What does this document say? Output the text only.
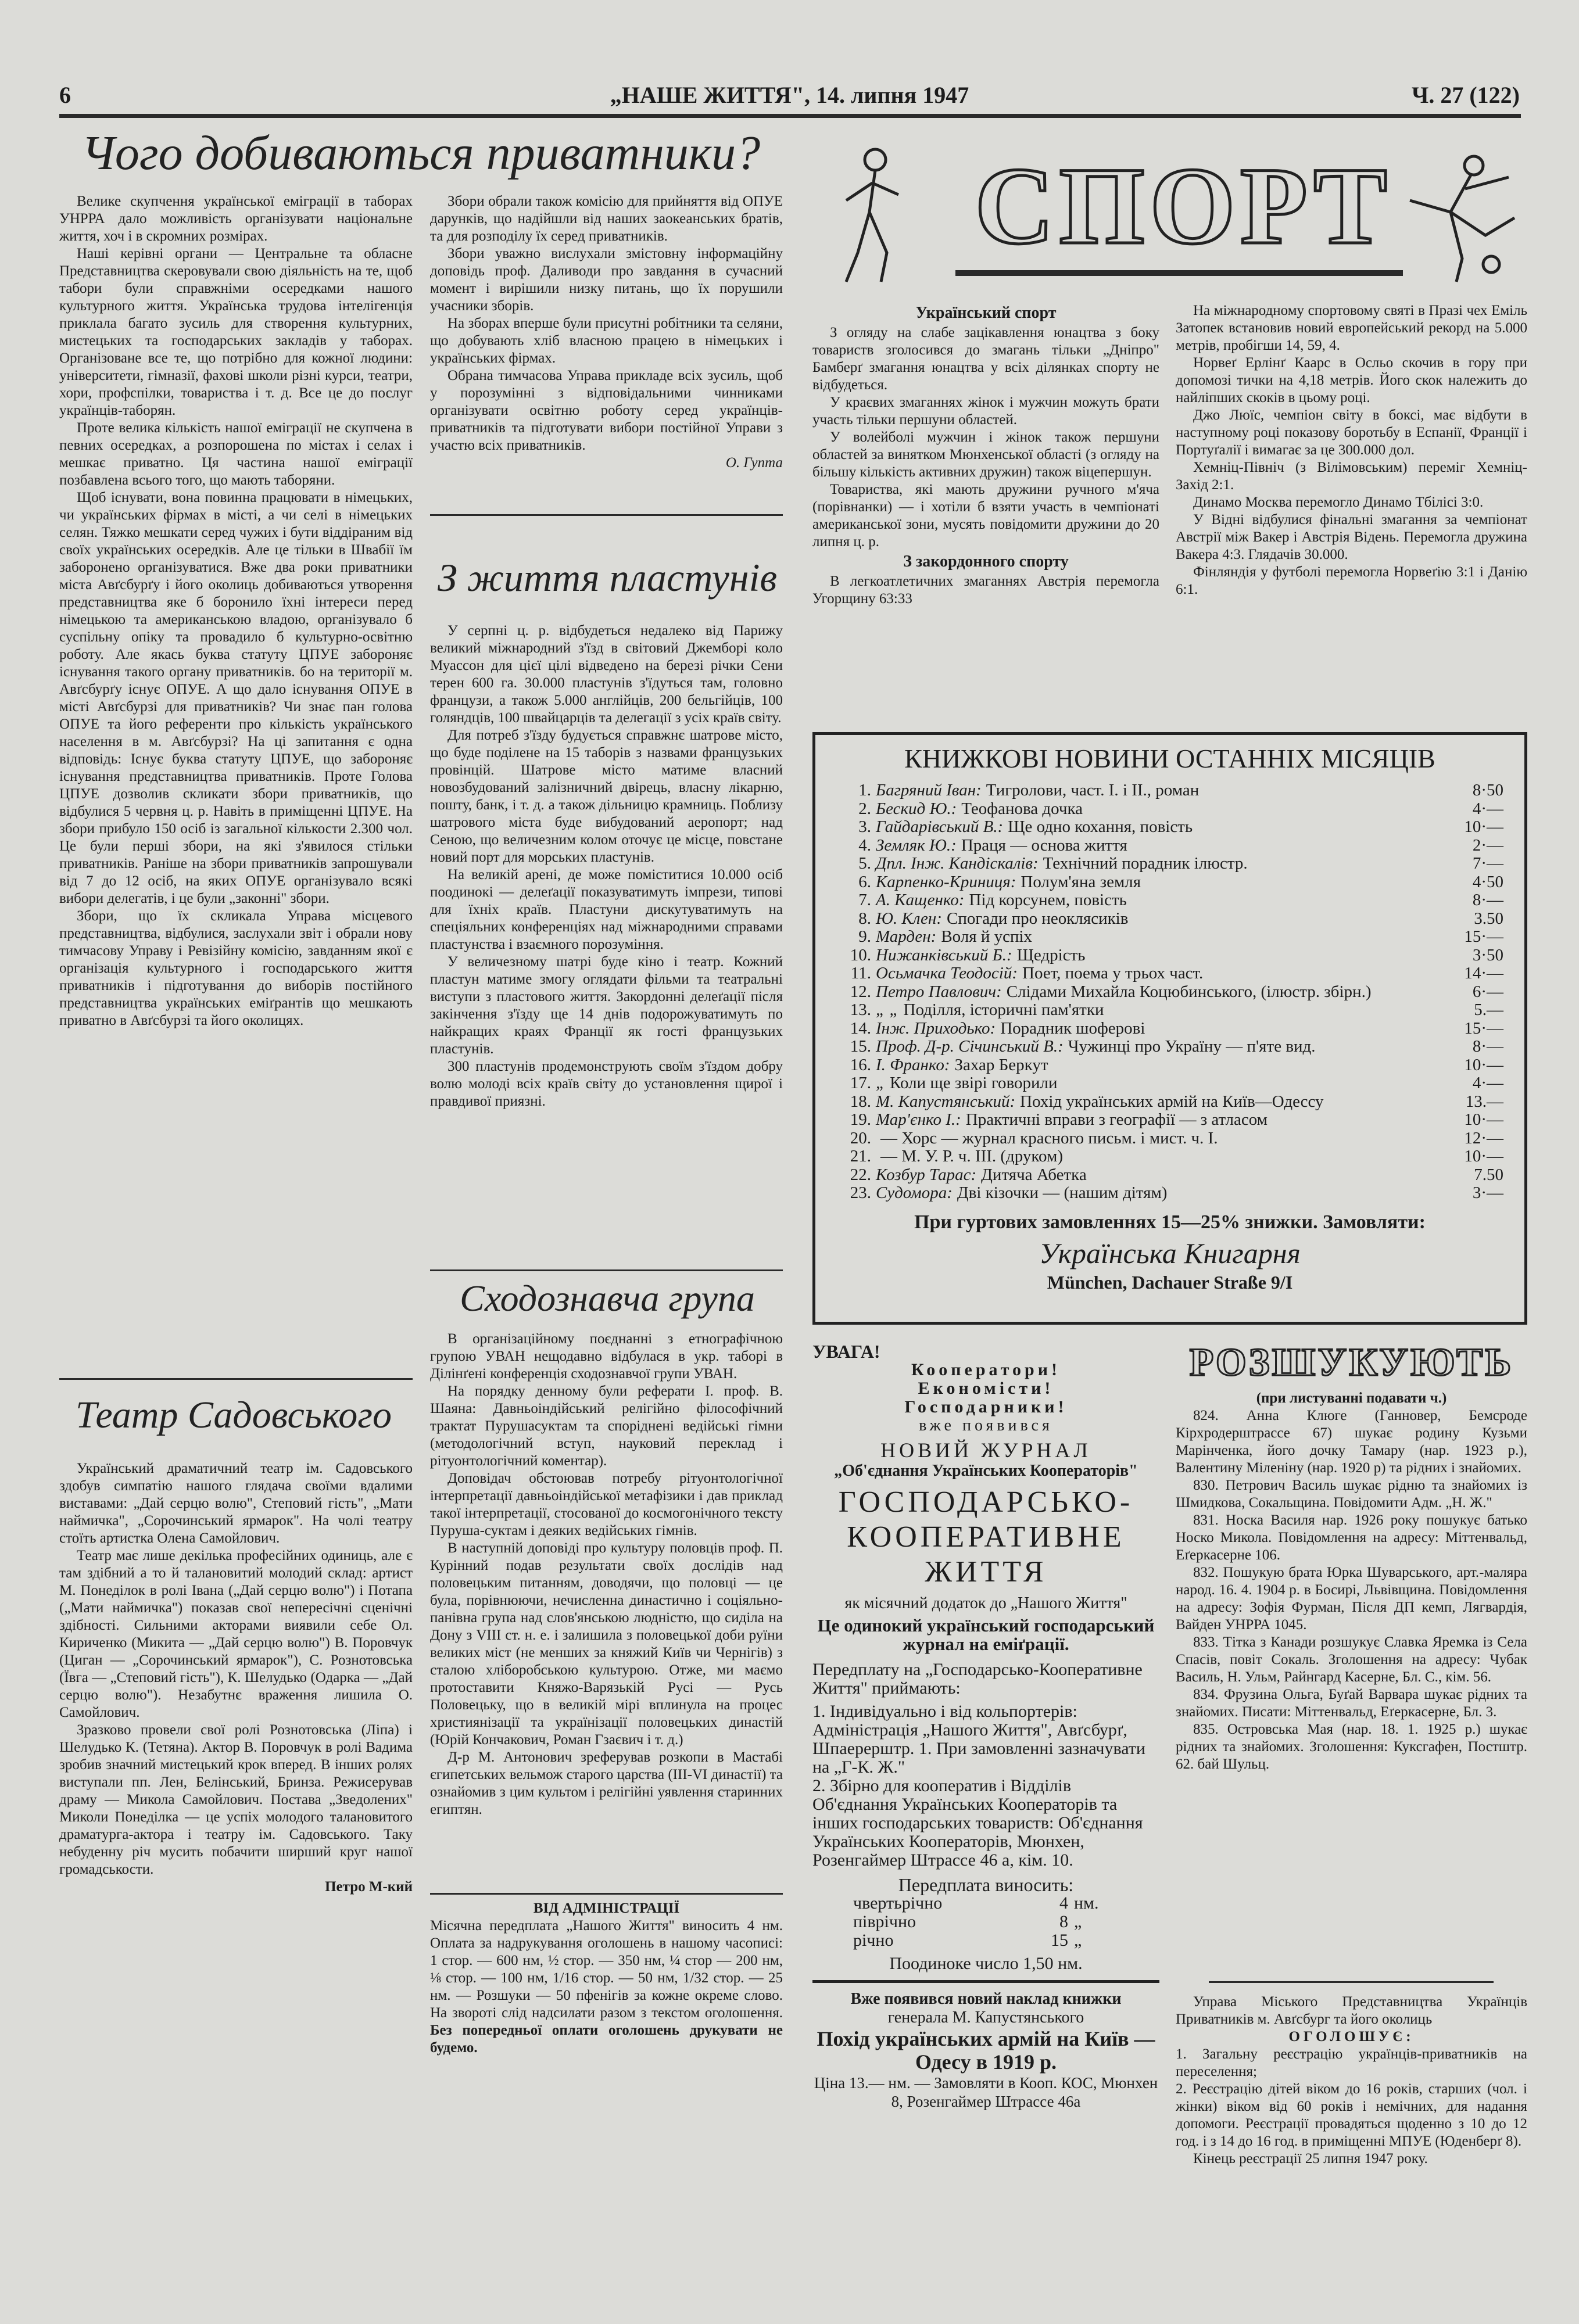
6	„НАШЕ ЖИТТЯ", 14. липня 1947	Ч. 27 (122)
Чого добиваються приватники?

Велике скупчення української еміграції в таборах УНРРА дало можливість організувати національне життя, хоч і в скромних розмірах.

Наші керівні органи — Центральне та обласне Представництва скеровували свою діяльність на те, щоб табори були справжніми осередками нашого культурного життя. Українська трудова інтелігенція приклала багато зусиль для створення культурних, мистецьких та господарських закладів у таборах. Організоване все те, що потрібно для кожної людини: університети, гімназії, фахові школи різні курси, театри, хори, профспілки, товариства і т. д. Все це до послуг українців-таборян.

Проте велика кількість нашої еміграції не скупчена в певних осередках, а розпорошена по містах і селах і мешкає приватно. Ця частина нашої еміграції позбавлена всього того, що мають таборяни.

Щоб існувати, вона повинна працювати в німецьких, чи українських фірмах в місті, а чи селі в німецьких селян. Тяжко мешкати серед чужих і бути віддіраним від своїх українських осередків. Але це тільки в Швабії їм заборонено організуватися. Вже два роки приватники міста Авґсбурґу і його околиць добиваються утворення представництва яке б боронило їхні інтереси перед німецькою та американською владою, організувало б суспільну опіку та провадило б культурно-освітню роботу. Але якась буква статуту ЦПУЕ забороняє існування такого органу приватників. бо на території м. Авґсбурґу існує ОПУЕ. А що дало існування ОПУЕ в місті Авґсбурзі для приватників? Чи знає пан голова ОПУЕ та його референти про кількість українського населення в м. Авґсбурзі? На ці запитання є одна відповідь: Існує буква статуту ЦПУЕ, що забороняє існування представництва приватників. Проте Голова ЦПУЕ дозволив скликати збори приватників, що відбулися 5 червня ц. р. Навіть в приміщенні ЦПУЕ. На збори прибуло 150 осіб із загальної кількости 2.300 чол. Це були перші збори, на які з'явилося стільки приватників. Раніше на збори приватників запрошували від 7 до 12 осіб, на яких ОПУЕ організувало всякі вибори делегатів, і це були „законні" збори.

Збори, що їх скликала Управа місцевого представництва, відбулися, заслухали звіт і обрали нову тимчасову Управу і Ревізійну комісію, завданням якої є організація культурного і господарського життя приватників і підготування до виборів постійного представництва українських еміґрантів що мешкають приватно в Авґсбурзі та його околицях.

Збори обрали також комісію для прийняття від ОПУЕ дарунків, що надійшли від наших заокеанських братів, та для розподілу їх серед приватників.

Збори уважно вислухали змістовну інформаційну доповідь проф. Даливоди про завдання в сучасний момент і вирішили низку питань, що їх порушили учасники зборів.

На зборах вперше були присутні робітники та селяни, що добувають хліб власною працею в німецьких і українських фірмах.

Обрана тимчасова Управа прикладе всіх зусиль, щоб у порозумінні з відповідальними чинниками організувати освітню роботу серед українців-приватників та підготувати вибори постійної Управи з участю всіх приватників.

О. Гупта

З життя пластунів

У серпні ц. р. відбудеться недалеко від Парижу великий міжнародний з'їзд в світовий Джемборі коло Муассон для цієї цілі відведено на березі річки Сени терен 600 га. 30.000 пластунів з'їдуться там, головно французи, а також 5.000 англійців, 200 бельгійців, 100 голяндців, 100 швайцарців та делегації з усіх країв світу.

Для потреб з'їзду будується справжнє шатрове місто, що буде поділене на 15 таборів з назвами французьких провінцій. Шатрове місто матиме власний новозбудований залізничний двірець, власну лікарню, пошту, банк, і т. д. а також дільницю крамниць. Поблизу шатрового міста буде вибудований аеропорт; над Сеною, що величезним колом оточує це місце, повстане новий порт для морських пластунів.

На великій арені, де може поміститися 10.000 осіб поодинокі — делеґації показуватимуть імпрези, типові для їхніх країв. Пластуни дискутуватимуть на спеціяльних конференціях над міжнародними справами пластунства і взаємного порозуміння.

У величезному шатрі буде кіно і театр. Кожний пластун матиме змогу оглядати фільми та театральні виступи з пластового життя. Закордонні делеґації після закінчення з'їзду ще 14 днів подорожуватимуть по найкращих краях Франції як гості французьких пластунів.

300 пластунів продемонструють своїм з'їздом добру волю молоді всіх країв світу до установлення щирої і правдивої приязні.

Сходознавча група

В організаційному поєднанні з етнографічною групою УВАН нещодавно відбулася в укр. таборі в Ділінґені конференція сходознавчої групи УВАН.

На порядку денному були реферати І. проф. В. Шаяна: Давньоіндійський релігійно філософічний трактат Пурушасуктам та споріднені ведійські гімни (методологічний вступ, науковий переклад і рітуонтологічний коментар).

Доповідач обстоював потребу рітуонтологічної інтерпретації давньоіндійської метафізики і дав приклад такої інтерпретації, стосованої до космогонічного тексту Пуруша-суктам і деяких ведійських гімнів.

В наступній доповіді про культуру половців проф. П. Курінний подав результати своїх дослідів над половецьким питанням, доводячи, що половці — це була, порівнюючи, нечисленна династично і соціяльно-панівна група над слов'янською людністю, що сиділа на Дону з VIII ст. н. е. і залишила з половецької доби руїни великих міст (не менших за княжий Київ чи Чернігів) з сталою хліборобською культурою. Отже, ми маємо протоставити Княжо-Варязькій Русі — Русь Половецьку, що в великій мірі вплинула на процес християнізації та українізації половецьких династій (Юрій Кончакович, Роман Гзаєвич і т. д.)

Д-р М. Антонович зреферував розкопи в Мастабі єгипетських вельмож старого царства (III-VI династії) та ознайомив з цим культом і релігійні уявлення старинних египтян.

ВІД АДМІНІСТРАЦІЇ

Місячна передплата „Нашого Життя" виносить 4 нм. Оплата за надрукування оголошень в нашому часописі: 1 стор. — 600 нм, ½ стор. — 350 нм, ¼ стор — 200 нм, ⅛ стор. — 100 нм, 1/16 стор. — 50 нм, 1/32 стор. — 25 нм. — Розшуки — 50 пфенігів за кожне окреме слово. На звороті слід надсилати разом з текстом оголошення. Без попередньої оплати оголошень друкувати не будемо.

Театр Садовського

Український драматичний театр ім. Садовського здобув симпатію нашого глядача своїми вдалими виставами: „Дай серцю волю", Степовий гість", „Мати наймичка", „Сорочинський ярмарок". На чолі театру стоїть артистка Олена Самойлович.

Театр має лише декілька професійних одиниць, але є там здібний а то й талановитий молодий склад: артист М. Понеділок в ролі Івана („Дай серцю волю") і Потапа („Мати наймичка") показав свої непересічні сценічні здібності. Сильними акторами виявили себе Ол. Кириченко (Микита — „Дай серцю волю") В. Поровчук (Циган — „Сорочинський ярмарок"), С. Рознотовська (Ївга — „Степовий гість"), К. Шелудько (Одарка — „Дай серцю волю"). Незабутнє враження лишила О. Самойлович.

Зразково провели свої ролі Рознотовська (Ліпа) і Шелудько К. (Тетяна). Актор В. Поровчук в ролі Вадима зробив значний мистецький крок вперед. В інших ролях виступали пп. Лен, Белінський, Бринза. Режисерував драму — Микола Самойлович. Постава „Зведолених" Миколи Понеділка — це успіх молодого талановитого драматурга-актора і театру ім. Садовського. Таку небуденну річ мусить побачити ширший круг нашої громадськости.

Петро М-кий

СПОРТ

Український спорт

З огляду на слабе зацікавлення юнацтва з боку товариств зголосився до змагань тільки „Дніпро" Бамберґ змагання юнацтва у всіх ділянках спорту не відбудеться.

У краєвих змаганнях жінок і мужчин можуть брати участь тільки першуни областей.

У волейболі мужчин і жінок також першуни областей за винятком Мюнхенської області (з огляду на більшу кількість активних дружин) також віцепершун.

Товариства, які мають дружини ручного м'яча (порівнанки) — і хотіли б взяти участь в чемпіонаті американської зони, мусять повідомити дружини до 20 липня ц. р.

З закордонного спорту

В легкоатлетичних змаганнях Австрія перемогла Угорщину 63:33

На міжнародному спортовому святі в Празі чех Еміль Затопек встановив новий европейський рекорд на 5.000 метрів, пробігши 14, 59, 4.

Норвеґ Ерлінґ Каарс в Осльо скочив в гору при допомозі тички на 4,18 метрів. Його скок належить до найліпших скоків в цьому році.

Джо Люїс, чемпіон світу в боксі, має відбути в наступному році показову боротьбу в Еспанії, Франції і Портуґалії і вимагає за це 300.000 дол.

Хемніц-Північ (з Вілімовським) переміг Хемніц-Захід 2:1.

Динамо Москва перемогло Динамо Тбілісі 3:0.

У Відні відбулися фінальні змагання за чемпіонат Австрії між Вакер і Австрія Відень. Перемогла дружина Вакера 4:3. Глядачів 30.000.

Фінляндія у футболі перемогла Норвеґію 3:1 і Данію 6:1.

КНИЖКОВІ НОВИНИ ОСТАННІХ МІСЯЦІВ
1. Багряний Іван: Тигролови, част. І. і ІІ., роман	8·50
2. Бескид Ю.: Теофанова дочка	4·—
3. Гайдарівський В.: Ще одно кохання, повість	10·—
4. Земляк Ю.: Праця — основа життя	2·—
5. Дпл. Інж. Кандіскалів: Технічний порадник ілюстр.	7·—
6. Карпенко-Криниця: Полум'яна земля	4·50
7. А. Кащенко: Під корсунем, повість	8·—
8. Ю. Клен: Спогади про неоклясиків	3.50
9. Марден: Воля й успіх	15·—
10. Нижанківський Б.: Щедрість	3·50
11. Осьмачка Теодосій: Поет, поема у трьох част.	14·—
12. Петро Павлович: Слідами Михайла Коцюбинського, (ілюстр. збірн.)	6·—
13. „ „ Поділля, історичні пам'ятки	5.—
14. Інж. Приходько: Порадник шоферові	15·—
15. Проф. Д-р. Січинський В.: Чужинці про Україну — п'яте вид.	8·—
16. І. Франко: Захар Беркут	10·—
17. „ Коли ще звірі говорили	4·—
18. М. Капустянський: Похід українських армій на Київ—Одессу	13.—
19. Мар'єнко І.: Практичні вправи з географії — з атласом	10·—
20. — Хорс — журнал красного письм. і мист. ч. І.	12·—
21. — М. У. Р. ч. ІІІ. (друком)	10·—
22. Козбур Тарас: Дитяча Абетка	7.50
23. Судомора: Дві кізочки — (нашим дітям)	3·—
При гуртових замовленнях 15—25% знижки. Замовляти:
Українська Книгарня
München, Dachauer Straße 9/I
УВАГА!
Кооператори!
Економісти!
Господарники!
вже появився
НОВИЙ ЖУРНАЛ
„Об'єднання Українських Кооператорів"
ГОСПОДАРСЬКО-КООПЕРАТИВНЕ ЖИТТЯ
як місячний додаток до „Нашого Життя"
Це одинокий український господарський журнал на еміґрації.
Передплату на „Господарсько-Кооперативне Життя" приймають:
1. Індивідуально і від кольпортерів: Адміністрація „Нашого Життя", Авґсбурґ, Шпаерерштр. 1. При замовленні зазначувати на „Г-К. Ж."
2. Збірно для кооператив і Відділів Об'єднання Українських Кооператорів та інших господарських товариств: Об'єднання Українських Кооператорів, Мюнхен, Розенгаймер Штрассе 46 а, кім. 10.
Передплата виносить:
чвертьрічно	4 нм.
піврічно	8 „
річно	15 „
Поодиноке число 1,50 нм.
Вже появився новий наклад книжки
генерала М. Капустянського
Похід українських армій на Київ — Одесу в 1919 р.
Ціна 13.— нм. — Замовляти в Кооп. КОС, Мюнхен 8, Розенгаймер Штрассе 46а
РОЗШУКУЮТЬ

(при листуванні подавати ч.)

824. Анна Клюге (Ганновер, Бемсроде Кірхродерштрассе 67) шукає родину Кузьми Марінченка, його дочку Тамару (нар. 1923 р.), Валентину Міленіну (нар. 1920 р) та рідних і знайомих.

830. Петрович Василь шукає рідню та знайомих із Шмидкова, Сокальщина. Повідомити Адм. „Н. Ж."

831. Носка Василя нар. 1926 року пошукує батько Носко Микола. Повідомлення на адресу: Міттенвальд, Еґеркасерне 106.

832. Пошукую брата Юрка Шуварського, арт.-маляра народ. 16. 4. 1904 р. в Босирі, Львівщина. Повідомлення на адресу: Зофія Фурман, Після ДП кемп, Лягвардія, Вайден УНРРА 1045.

833. Тітка з Канади розшукує Славка Яремка із Села Спасів, повіт Сокаль. Зголошення на адресу: Чубак Василь, Н. Ульм, Райнгард Касерне, Бл. С., кім. 56.

834. Фрузина Ольга, Буґай Варвара шукає рідних та знайомих. Писати: Міттенвальд, Еґеркасерне, Бл. 3.

835. Островська Мая (нар. 18. 1. 1925 р.) шукає рідних та знайомих. Зголошення: Куксгафен, Постштр. 62. бай Шульц.

Управа Міського Представництва Українців Приватників м. Авґсбург та його околиць

ОГОЛОШУЄ:

1. Загальну реєстрацію українців-приватників на переселення;

2. Реєстрацію дітей віком до 16 років, старших (чол. і жінки) віком від 60 років і немічних, для надання допомоги. Реєстрації провадяться щоденно з 10 до 12 год. і з 14 до 16 год. в приміщенні МПУЕ (Юденберґ 8).

Кінець реєстрації 25 липня 1947 року.
